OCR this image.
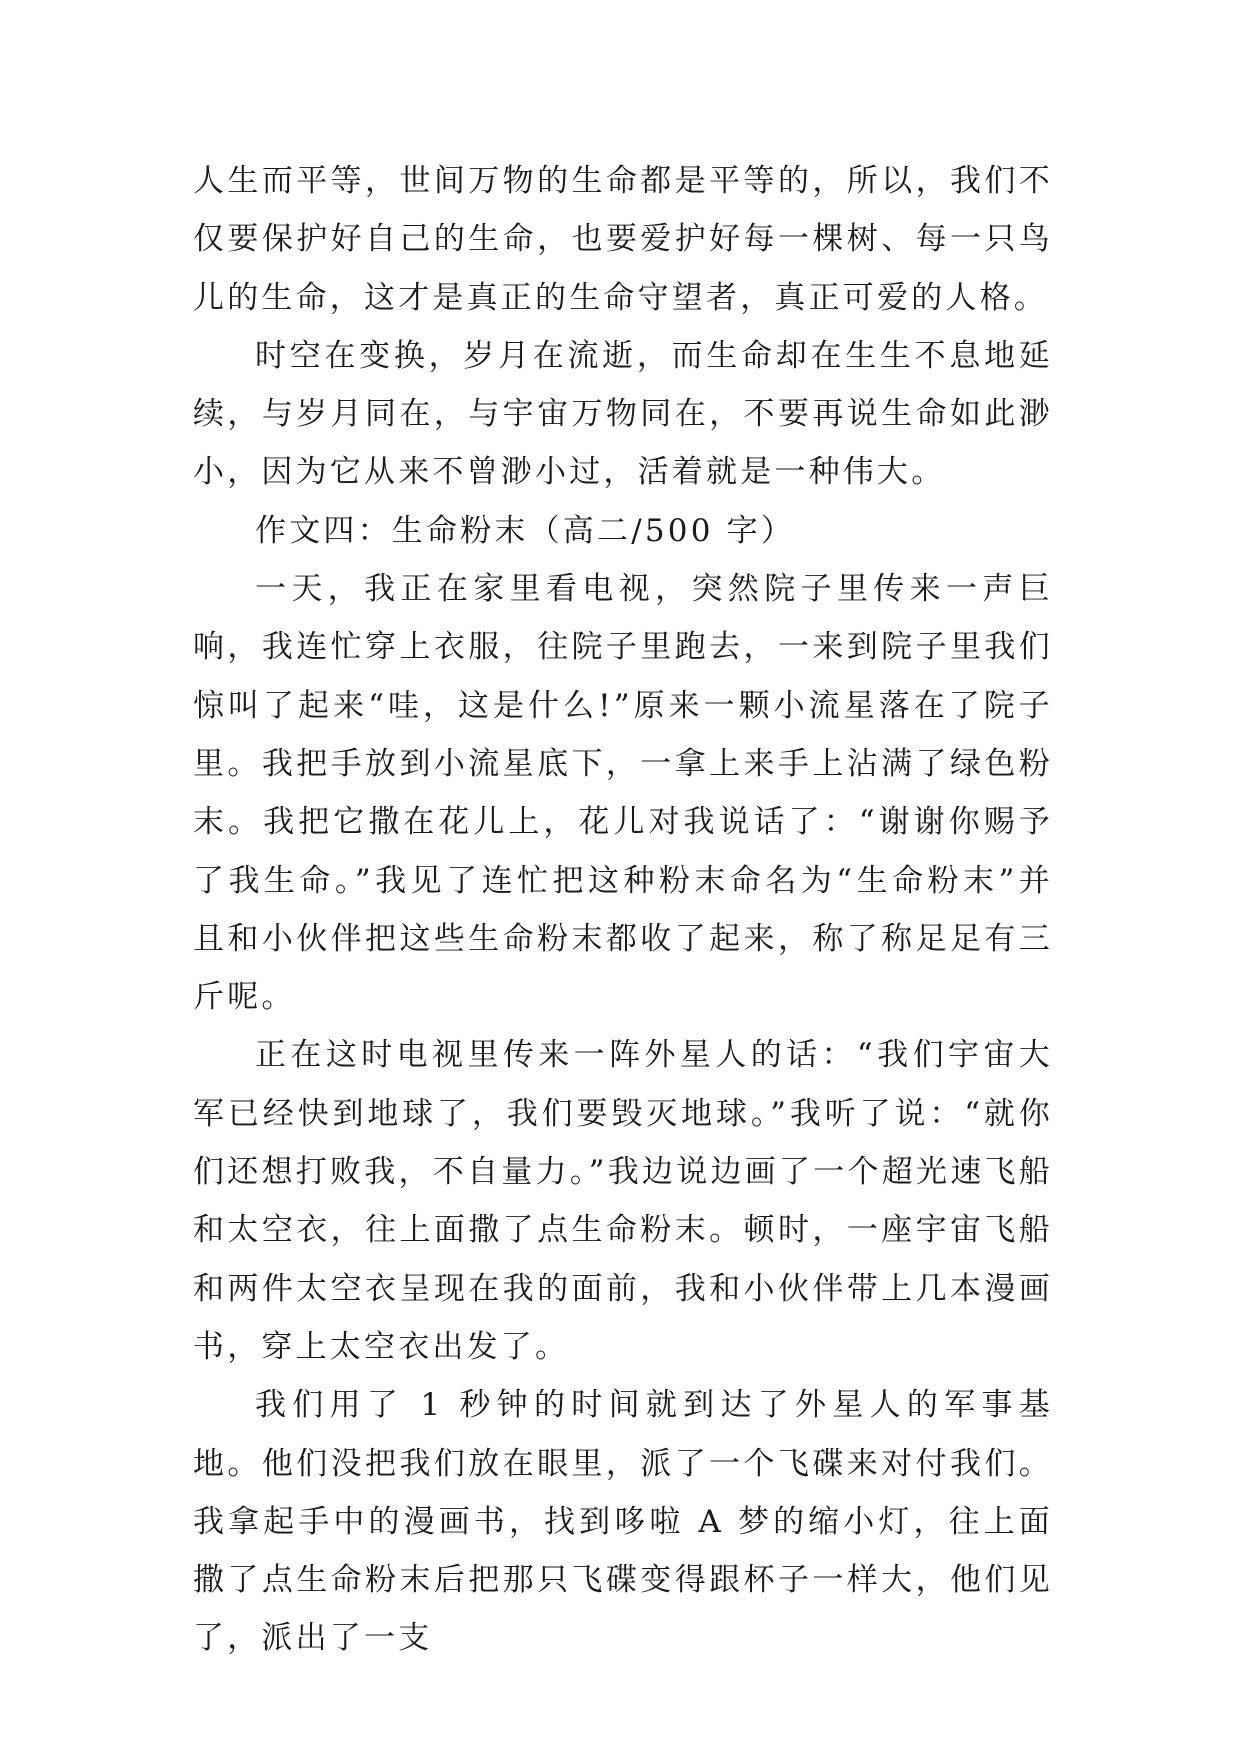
人生而平等，世间万物的生命都是平等的，所以，我们不仅要保护好自己的生命，也要爱护好每一棵树、每一只鸟儿的生命，这才是真正的生命守望者，真正可爱的人格。

时空在变换，岁月在流逝，而生命却在生生不息地延续，与岁月同在，与宇宙万物同在，不要再说生命如此渺小，因为它从来不曾渺小过，活着就是一种伟大。

作文四：生命粉末（高二/500 字）

一天，我正在家里看电视，突然院子里传来一声巨响，我连忙穿上衣服，往院子里跑去，一来到院子里我们惊叫了起来“哇，这是什么!”原来一颗小流星落在了院子里。我把手放到小流星底下，一拿上来手上沾满了绿色粉末。我把它撒在花儿上，花儿对我说话了：“谢谢你赐予了我生命。”我见了连忙把这种粉末命名为“生命粉末”并且和小伙伴把这些生命粉末都收了起来，称了称足足有三斤呢。

正在这时电视里传来一阵外星人的话：“我们宇宙大军已经快到地球了，我们要毁灭地球。”我听了说：“就你们还想打败我，不自量力。”我边说边画了一个超光速飞船和太空衣，往上面撒了点生命粉末。顿时，一座宇宙飞船和两件太空衣呈现在我的面前，我和小伙伴带上几本漫画书，穿上太空衣出发了。

我们用了 1 秒钟的时间就到达了外星人的军事基地。他们没把我们放在眼里，派了一个飞碟来对付我们。我拿起手中的漫画书，找到哆啦 A 梦的缩小灯，往上面撒了点生命粉末后把那只飞碟变得跟杯子一样大，他们见了，派出了一支
